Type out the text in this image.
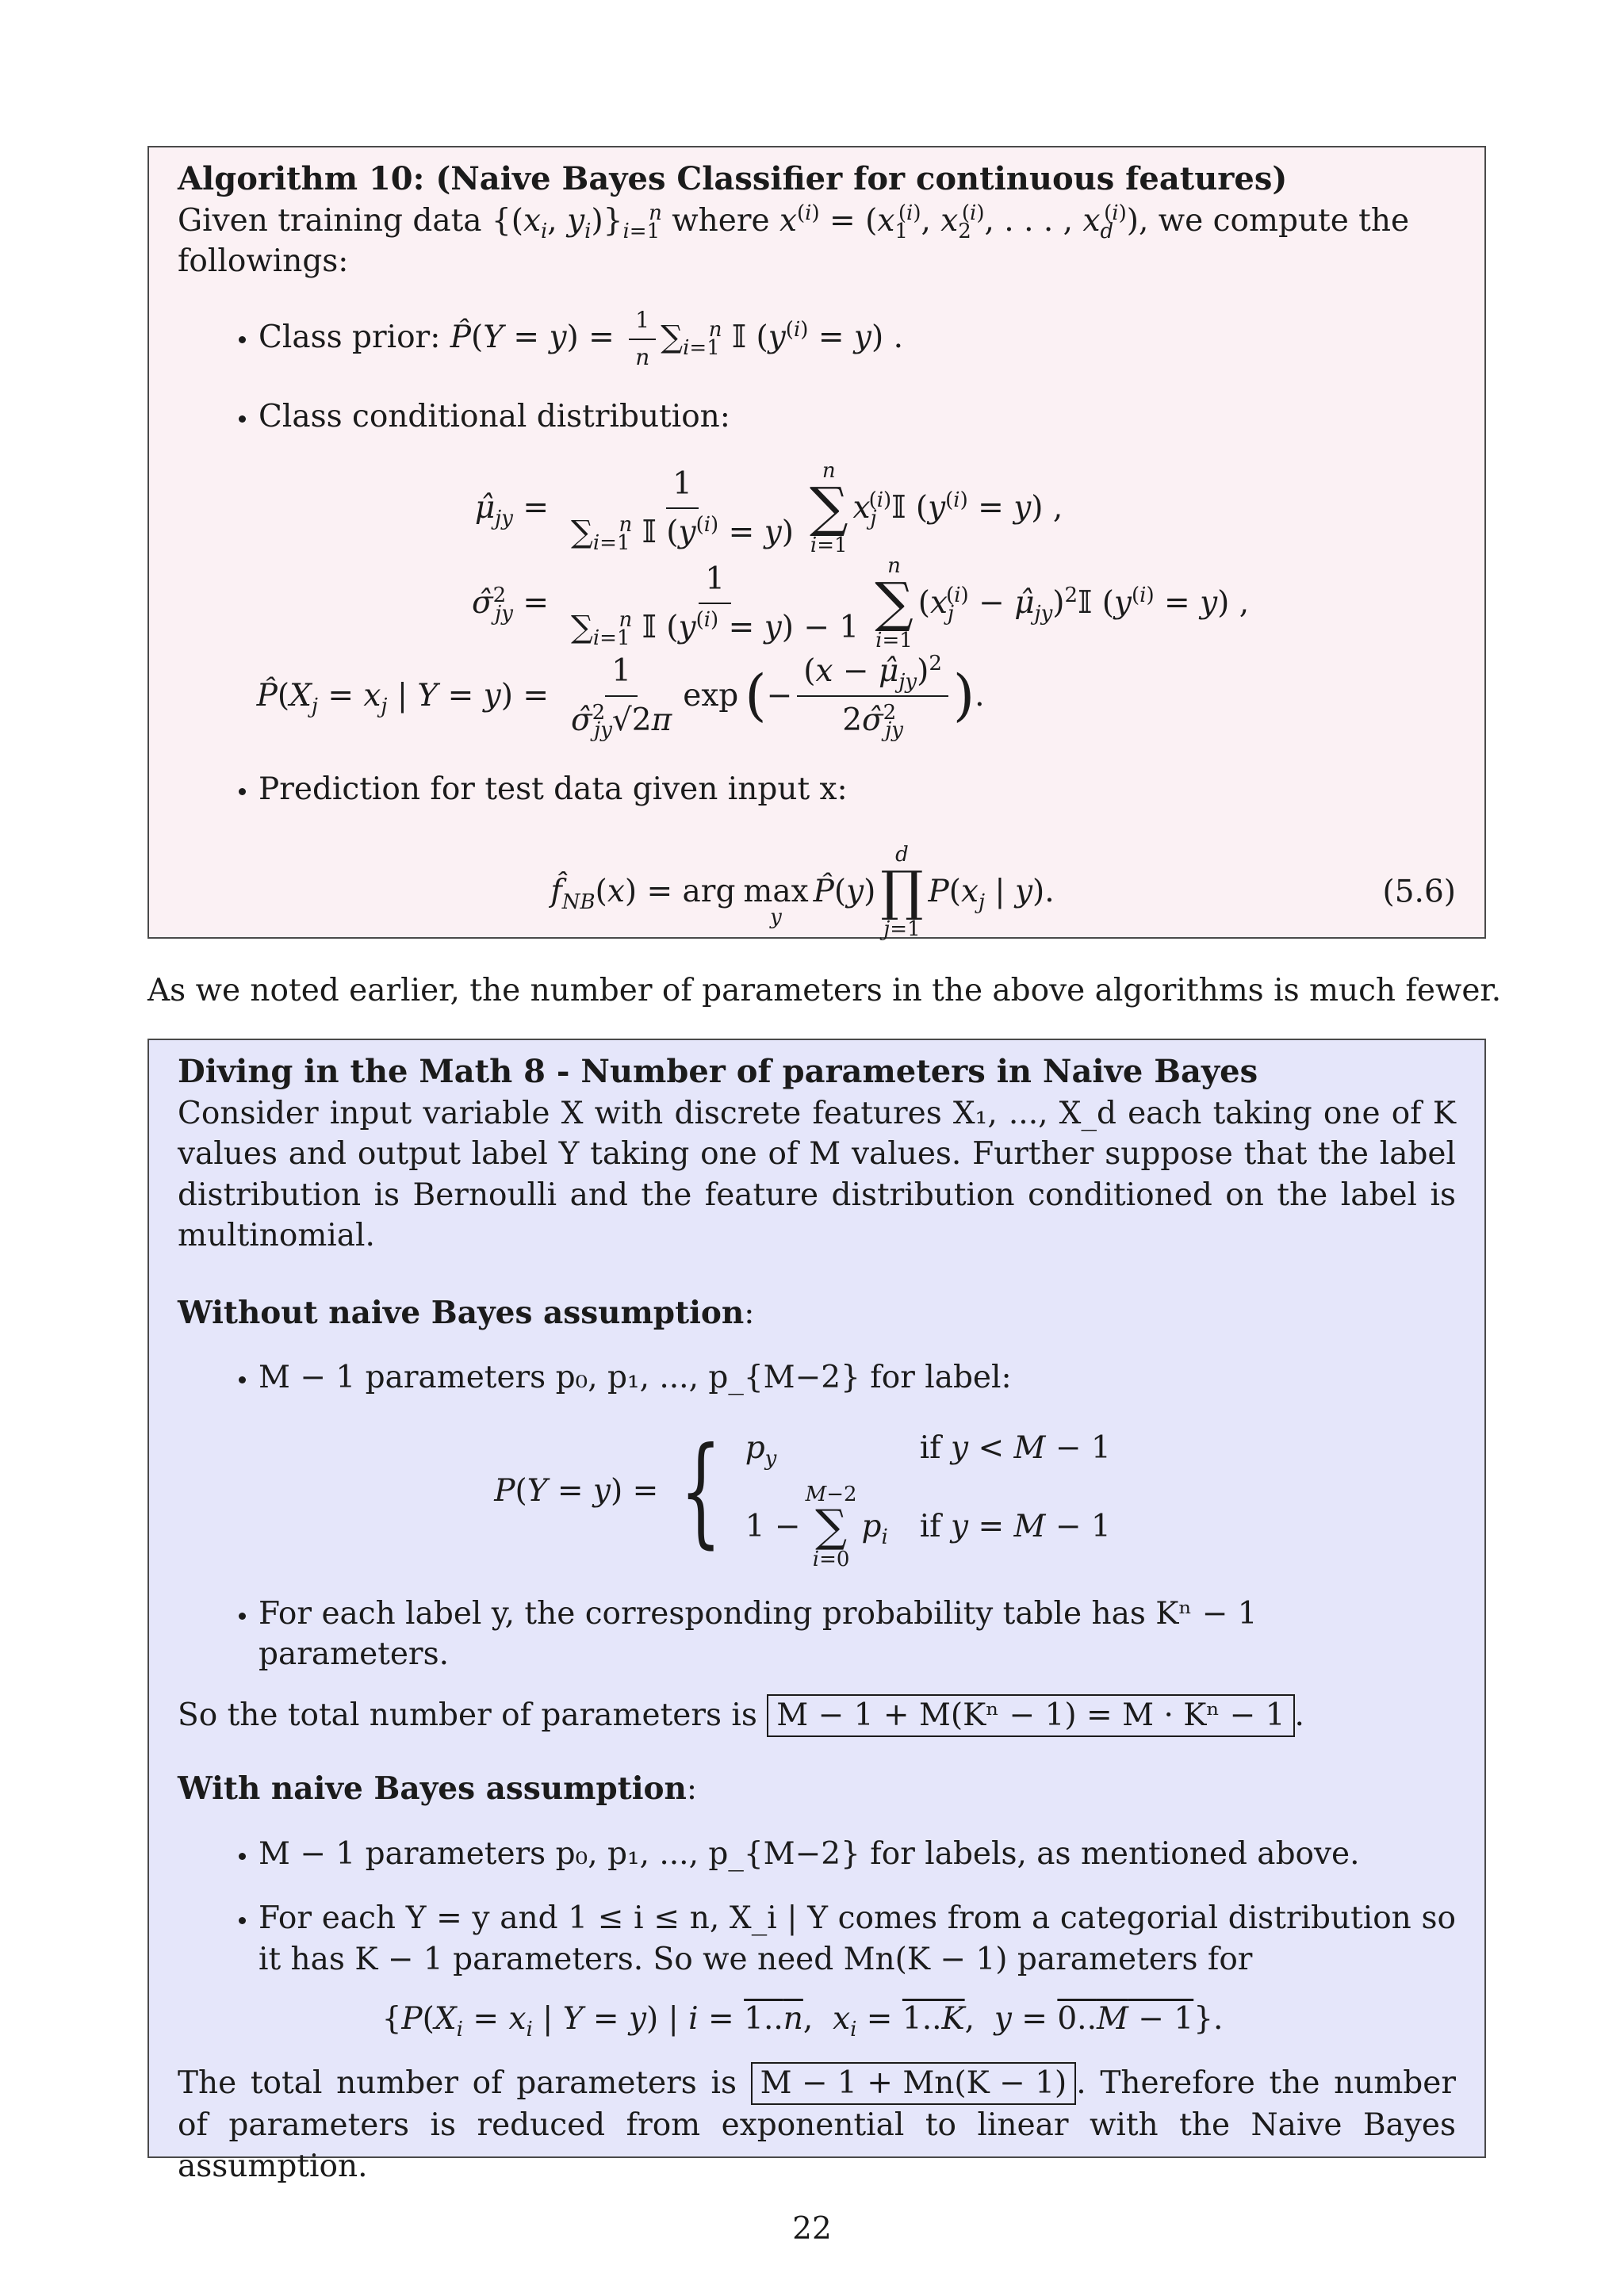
Algorithm 10: (Naive Bayes Classifier for continuous features)

Given training data {($x_i$, $y_i)\}_{i=1}^n$ where $x^{(i)} = (x_1^{(i)}$, $x_2^{(i)}$, . . . , $x_d^{(i)}$), we compute the followings:

• Class prior: P̂(Y = $y) = \frac{1}{n} \sum_{i=1}^n$ 𝕀 $(y^{(i)} = y)$ .
• Class conditional distribution:
$\mû_{jy} = \frac{1}{\sum_{i=1}^n 𝕀 (y^{(i)} = y)}$ n
∑
i=1
$x_j^{(i)}𝕀$ $(y^{(i)} = y)$ ,
σ̂$^2_{jy}$ = $\frac{1}{\sum_{i=1}^n 𝕀 (y^{(i)} = y) - 1}$ n
∑
i=1
($x_j^{(i)}$ − $\mû_{jy})^2𝕀$ $(y^{(i)} = y)$ ,
$P̂(X_j = x_j$ | $Y = y) = \frac{1}{\sigmâ^2_{jy}√2\pi}$ exp ( − $\frac{(x - \mû_{jy})^2}{2\sigmâ^2_{jy}}$ ) .
• Prediction for test data given input x:
$f̂_{NB}(x)$ = arg
max
y
P̂(y)
d
∏
j=1
$P(x_j$ | y).	(5.6)

As we noted earlier, the number of parameters in the above algorithms is much fewer.

Diving in the Math 8 - Number of parameters in Naive Bayes

Consider input variable X with discrete features X₁, ..., X_d each taking one of K values and output label Y taking one of M values. Further suppose that the label distribution is Bernoulli and the feature distribution conditioned on the label is multinomial.

Without naive Bayes assumption:

• M − 1 parameters p₀, p₁, ..., p_{M−2} for label:
P(Y = y) = { $p_y$	if y < M − 1
1 −
M−2
∑
i=0
$p_i$ if y = M − 1
• For each label y, the corresponding probability table has Kⁿ − 1 parameters.

So the total number of parameters is M − 1 + M(Kⁿ − 1) = M · Kⁿ − 1 .

With naive Bayes assumption:

• M − 1 parameters p₀, p₁, ..., p_{M−2} for labels, as mentioned above.
• For each Y = y and 1 ≤ i ≤ n, X_i | Y comes from a categorial distribution so it has K − 1 parameters. So we need Mn(K − 1) parameters for
{$P(X_i = x_i$ | Y = y) | i = 1..n,  $x_i = 1..K$,  y = 0..M − 1}.

The total number of parameters is M − 1 + Mn(K − 1) . Therefore the number of parameters is reduced from exponential to linear with the Naive Bayes assumption.

22
